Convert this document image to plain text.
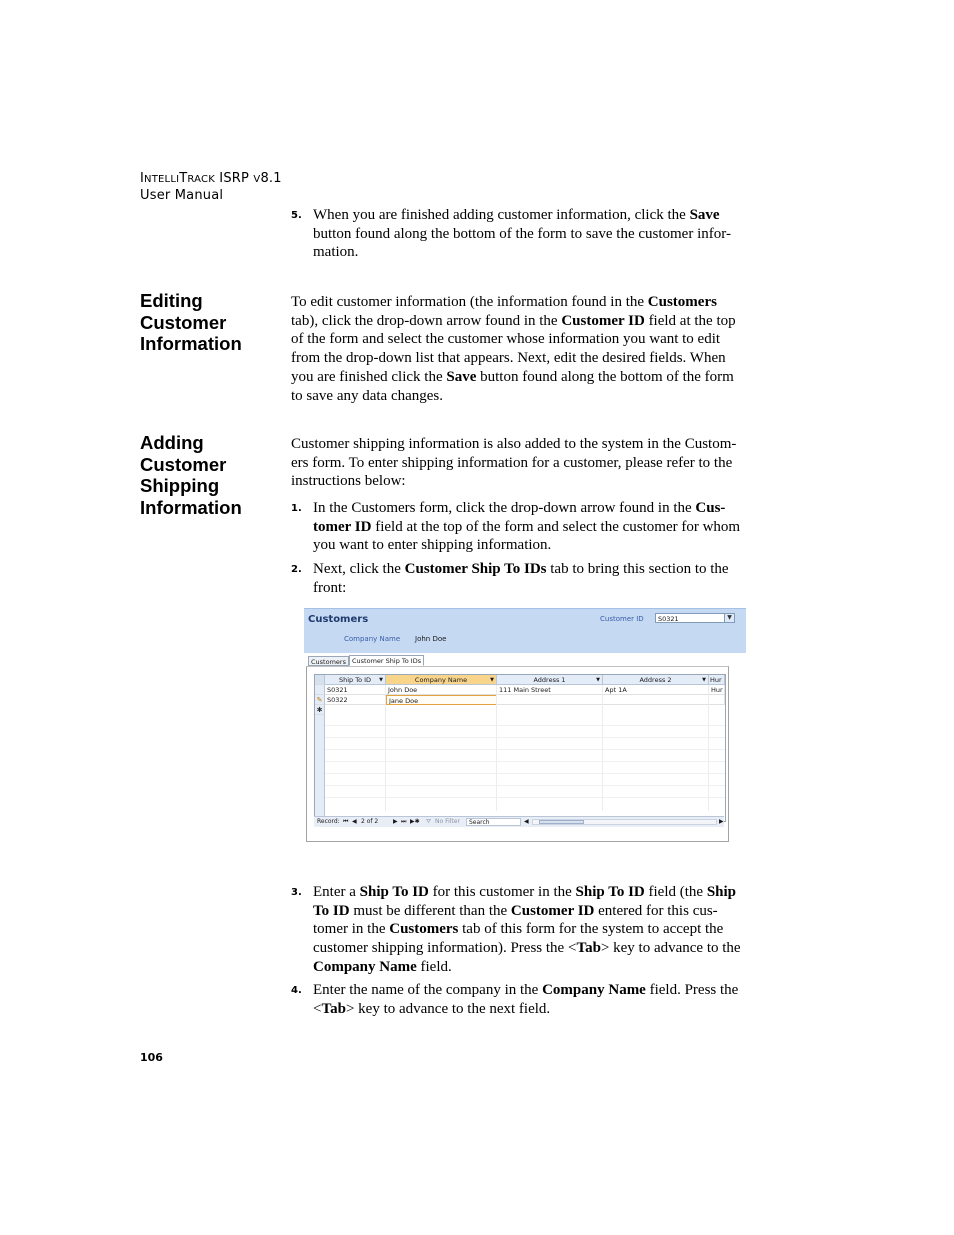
INTELLITRACK ISRP V8.1
User Manual
5. When you are finished adding customer information, click the Save
button found along the bottom of the form to save the customer infor-
mation.
Editing
Customer
Information
To edit customer information (the information found in the Customers
tab), click the drop-down arrow found in the Customer ID field at the top
of the form and select the customer whose information you want to edit
from the drop-down list that appears. Next, edit the desired fields. When
you are finished click the Save button found along the bottom of the form
to save any data changes.
Adding
Customer
Shipping
Information
Customer shipping information is also added to the system in the Custom-
ers form. To enter shipping information for a customer, please refer to the
instructions below:
1. In the Customers form, click the drop-down arrow found in the Cus-
tomer ID field at the top of the form and select the customer for whom
you want to enter shipping information.
2. Next, click the Customer Ship To IDs tab to bring this section to the
front:
Customers	Customer ID	S0321	▼
Company Name John Doe
Customers Customer Ship To IDs
Ship To ID ▼	Company Name	▼	Address 1	▼	Address 2	▼ Hur
S0321	John Doe	111 Main Street	Apt 1A	Hur
✎ S0322	Jane Doe
✱
Record: ⏮ ◀ 2 of 2 ▶ ⏭ ▶✱ ⛛ No Filter	Search	◀	▶
3. Enter a Ship To ID for this customer in the Ship To ID field (the Ship
To ID must be different than the Customer ID entered for this cus-
tomer in the Customers tab of this form for the system to accept the
customer shipping information). Press the <Tab> key to advance to the
Company Name field.
4. Enter the name of the company in the Company Name field. Press the
<Tab> key to advance to the next field.
106
